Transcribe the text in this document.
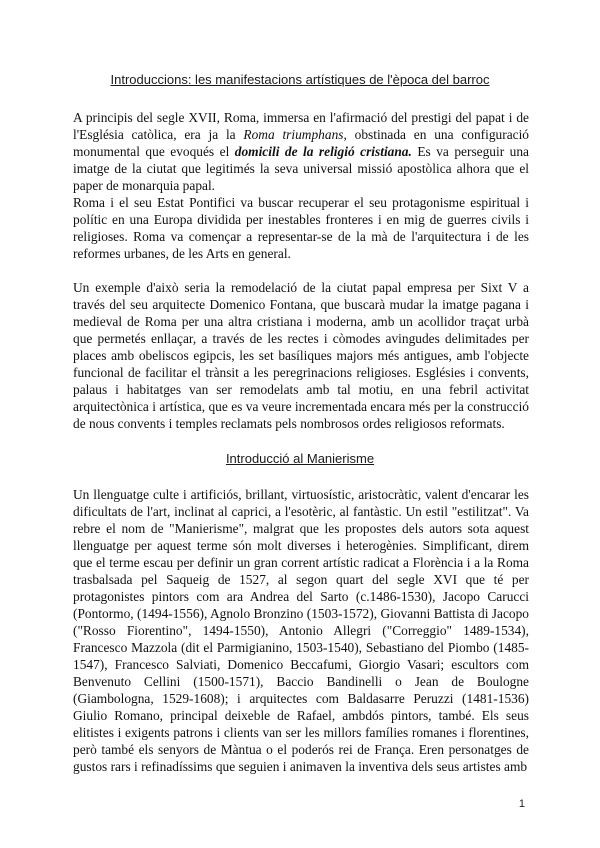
Introduccions: les manifestacions artístiques de l'època del barroc

A principis del segle XVII, Roma, immersa en l'afirmació del prestigi del papat i de l'Església catòlica, era ja la Roma triumphans, obstinada en una configuració monumental que evoqués el domicili de la religió cristiana. Es va perseguir una imatge de la ciutat que legitimés la seva universal missió apostòlica alhora que el paper de monarquia papal.

Roma i el seu Estat Pontifici va buscar recuperar el seu protagonisme espiritual i polític en una Europa dividida per inestables fronteres i en mig de guerres civils i religioses. Roma va començar a representar-se de la mà de l'arquitectura i de les reformes urbanes, de les Arts en general.

Un exemple d'això seria la remodelació de la ciutat papal empresa per Sixt V a través del seu arquitecte Domenico Fontana, que buscarà mudar la imatge pagana i medieval de Roma per una altra cristiana i moderna, amb un acollidor traçat urbà que permetés enllaçar, a través de les rectes i còmodes avingudes delimitades per places amb obeliscos egipcis, les set basíliques majors més antigues, amb l'objecte funcional de facilitar el trànsit a les peregrinacions religioses. Esglésies i convents, palaus i habitatges van ser remodelats amb tal motiu, en una febril activitat arquitectònica i artística, que es va veure incrementada encara més per la construcció de nous convents i temples reclamats pels nombrosos ordes religiosos reformats.

Introducció al Manierisme

Un llenguatge culte i artificiós, brillant, virtuosístic, aristocràtic, valent d'encarar les dificultats de l'art, inclinat al caprici, a l'esotèric, al fantàstic. Un estil "estilitzat". Va rebre el nom de "Manierisme", malgrat que les propostes dels autors sota aquest llenguatge per aquest terme són molt diverses i heterogènies. Simplificant, direm que el terme escau per definir un gran corrent artístic radicat a Florència i a la Roma trasbalsada pel Saqueig de 1527, al segon quart del segle XVI que té per protagonistes pintors com ara Andrea del Sarto (c.1486-1530), Jacopo Carucci (Pontormo, (1494-1556), Agnolo Bronzino (1503-1572), Giovanni Battista di Jacopo ("Rosso Fiorentino", 1494-1550), Antonio Allegri ("Correggio" 1489-1534), Francesco Mazzola (dit el Parmigianino, 1503-1540), Sebastiano del Piombo (1485-1547), Francesco Salviati, Domenico Beccafumi, Giorgio Vasari; escultors com Benvenuto Cellini (1500-1571), Baccio Bandinelli o Jean de Boulogne (Giambologna, 1529-1608); i arquitectes com Baldasarre Peruzzi (1481-1536) Giulio Romano, principal deixeble de Rafael, ambdós pintors, també. Els seus elitistes i exigents patrons i clients van ser les millors famílies romanes i florentines, però també els senyors de Màntua o el poderós rei de França. Eren personatges de gustos rars i refinadíssims que seguien i animaven la inventiva dels seus artistes amb

1
